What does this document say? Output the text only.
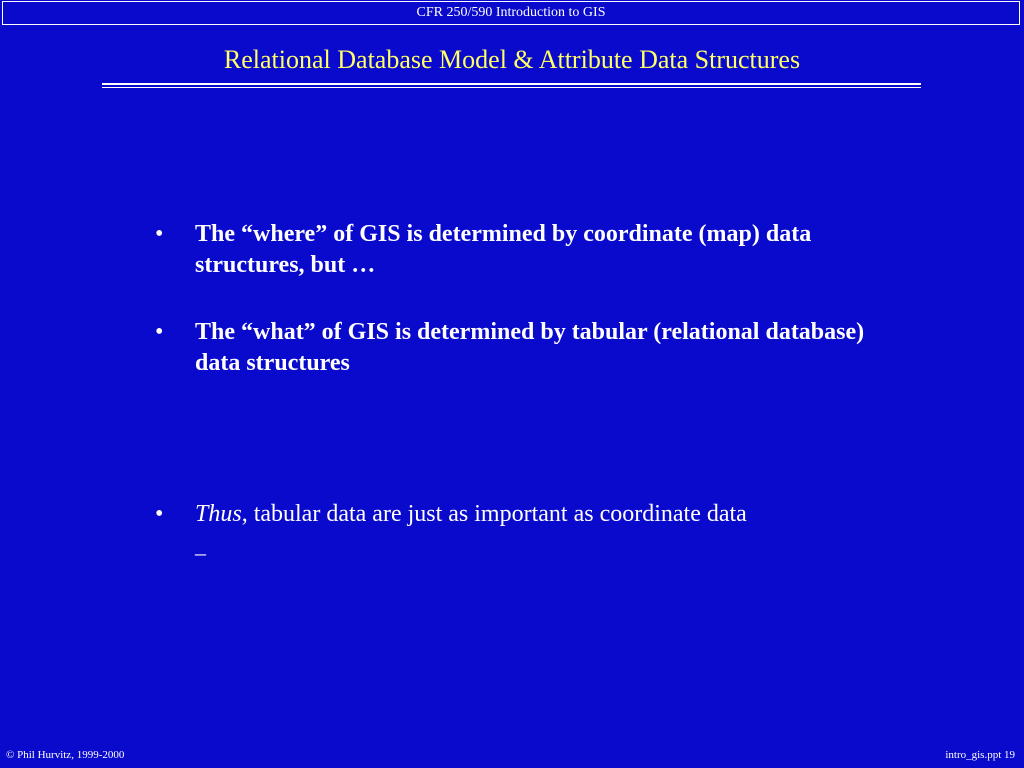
CFR 250/590 Introduction to GIS
Relational Database Model & Attribute Data Structures
•	The “where” of GIS is determined by coordinate (map) data structures, but …
•	The “what” of GIS is determined by tabular (relational database) data structures
•	Thus, tabular data are just as important as coordinate data
–
© Phil Hurvitz, 1999-2000	intro_gis.ppt 19
